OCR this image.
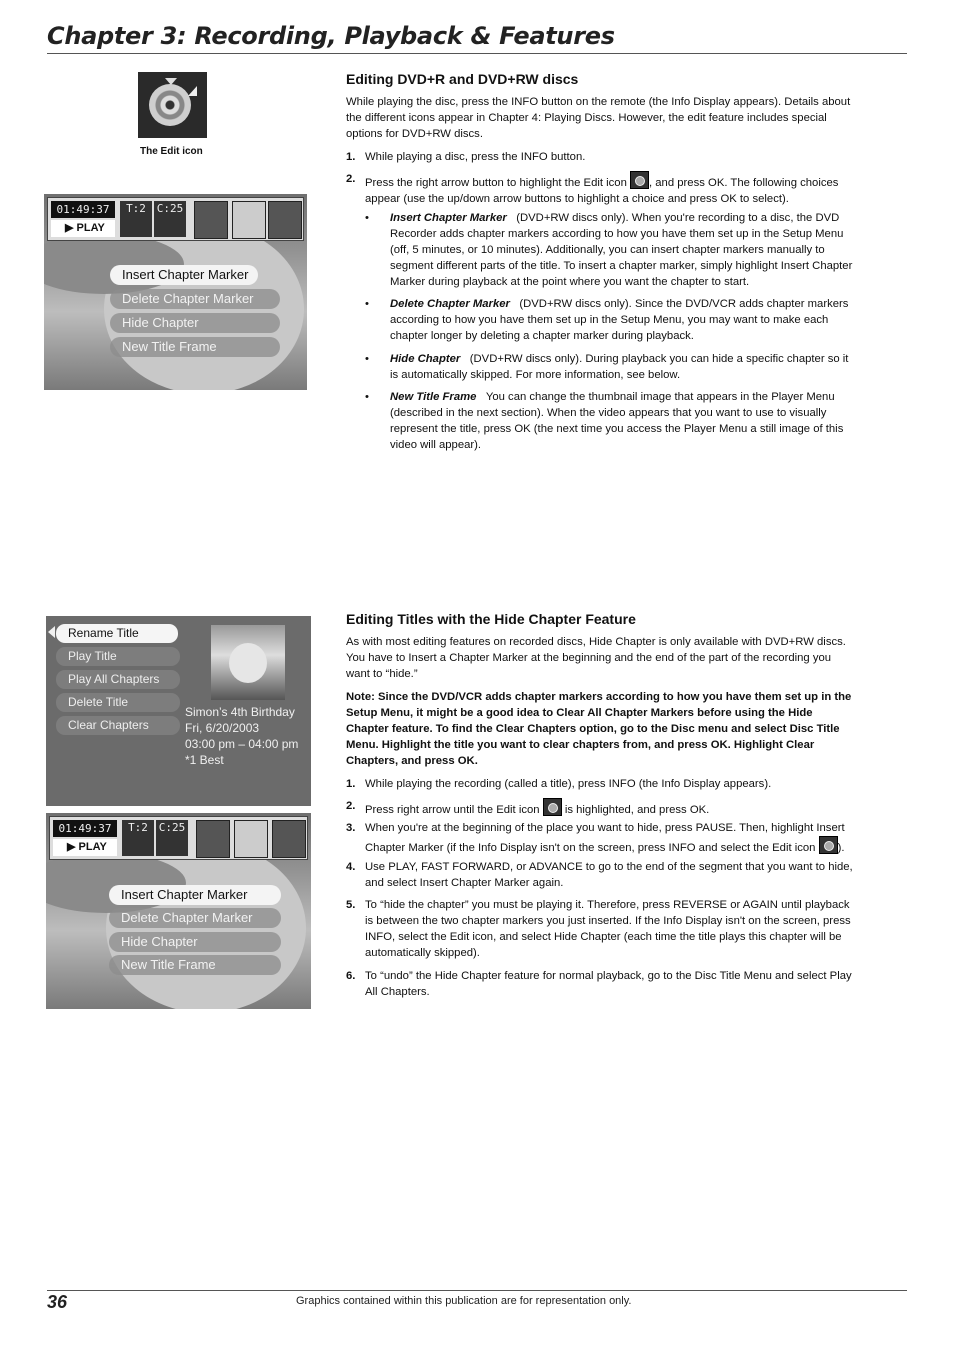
Chapter 3: Recording, Playback & Features
The Edit icon
01:49:37
▶ PLAY
T:2 C:25
Insert Chapter Marker
Delete Chapter Marker
Hide Chapter
New Title Frame
Editing DVD+R and DVD+RW discs
While playing the disc, press the INFO button on the remote (the Info Display appears). Details about the different icons appear in Chapter 4: Playing Discs. However, the edit feature includes special options for DVD+RW discs.
1. While playing a disc, press the INFO button.
2. Press the right arrow button to highlight the Edit icon , and press OK. The following choices appear (use the up/down arrow buttons to highlight a choice and press OK to select).
• Insert Chapter Marker (DVD+RW discs only). When you're recording to a disc, the DVD Recorder adds chapter markers according to how you have them set up in the Setup Menu (off, 5 minutes, or 10 minutes). Additionally, you can insert chapter markers manually to segment different parts of the title. To insert a chapter marker, simply highlight Insert Chapter Marker during playback at the point where you want the chapter to start.
• Delete Chapter Marker (DVD+RW discs only). Since the DVD/VCR adds chapter markers according to how you have them set up in the Setup Menu, you may want to make each chapter longer by deleting a chapter marker during playback.
• Hide Chapter (DVD+RW discs only). During playback you can hide a specific chapter so it is automatically skipped. For more information, see below.
• New Title Frame You can change the thumbnail image that appears in the Player Menu (described in the next section). When the video appears that you want to use to visually represent the title, press OK (the next time you access the Player Menu a still image of this video will appear).
Rename Title
Play Title
Play All Chapters
Delete Title
Clear Chapters
Simon’s 4th Birthday
Fri, 6/20/2003
03:00 pm – 04:00 pm
*1 Best
01:49:37
▶ PLAY
T:2 C:25
Insert Chapter Marker
Delete Chapter Marker
Hide Chapter
New Title Frame
Editing Titles with the Hide Chapter Feature
As with most editing features on recorded discs, Hide Chapter is only available with DVD+RW discs. You have to Insert a Chapter Marker at the beginning and the end of the part of the recording you want to “hide.”
Note: Since the DVD/VCR adds chapter markers according to how you have them set up in the Setup Menu, it might be a good idea to Clear All Chapter Markers before using the Hide Chapter feature. To find the Clear Chapters option, go to the Disc menu and select Disc Title Menu. Highlight the title you want to clear chapters from, and press OK. Highlight Clear Chapters, and press OK.
1. While playing the recording (called a title), press INFO (the Info Display appears).
2. Press right arrow until the Edit icon is highlighted, and press OK.
3. When you're at the beginning of the place you want to hide, press PAUSE. Then, highlight Insert Chapter Marker (if the Info Display isn't on the screen, press INFO and select the Edit icon ).
4. Use PLAY, FAST FORWARD, or ADVANCE to go to the end of the segment that you want to hide, and select Insert Chapter Marker again.
5. To “hide the chapter” you must be playing it. Therefore, press REVERSE or AGAIN until playback is between the two chapter markers you just inserted. If the Info Display isn't on the screen, press INFO, select the Edit icon, and select Hide Chapter (each time the title plays this chapter will be automatically skipped).
6. To “undo” the Hide Chapter feature for normal playback, go to the Disc Title Menu and select Play All Chapters.
36	Graphics contained within this publication are for representation only.
